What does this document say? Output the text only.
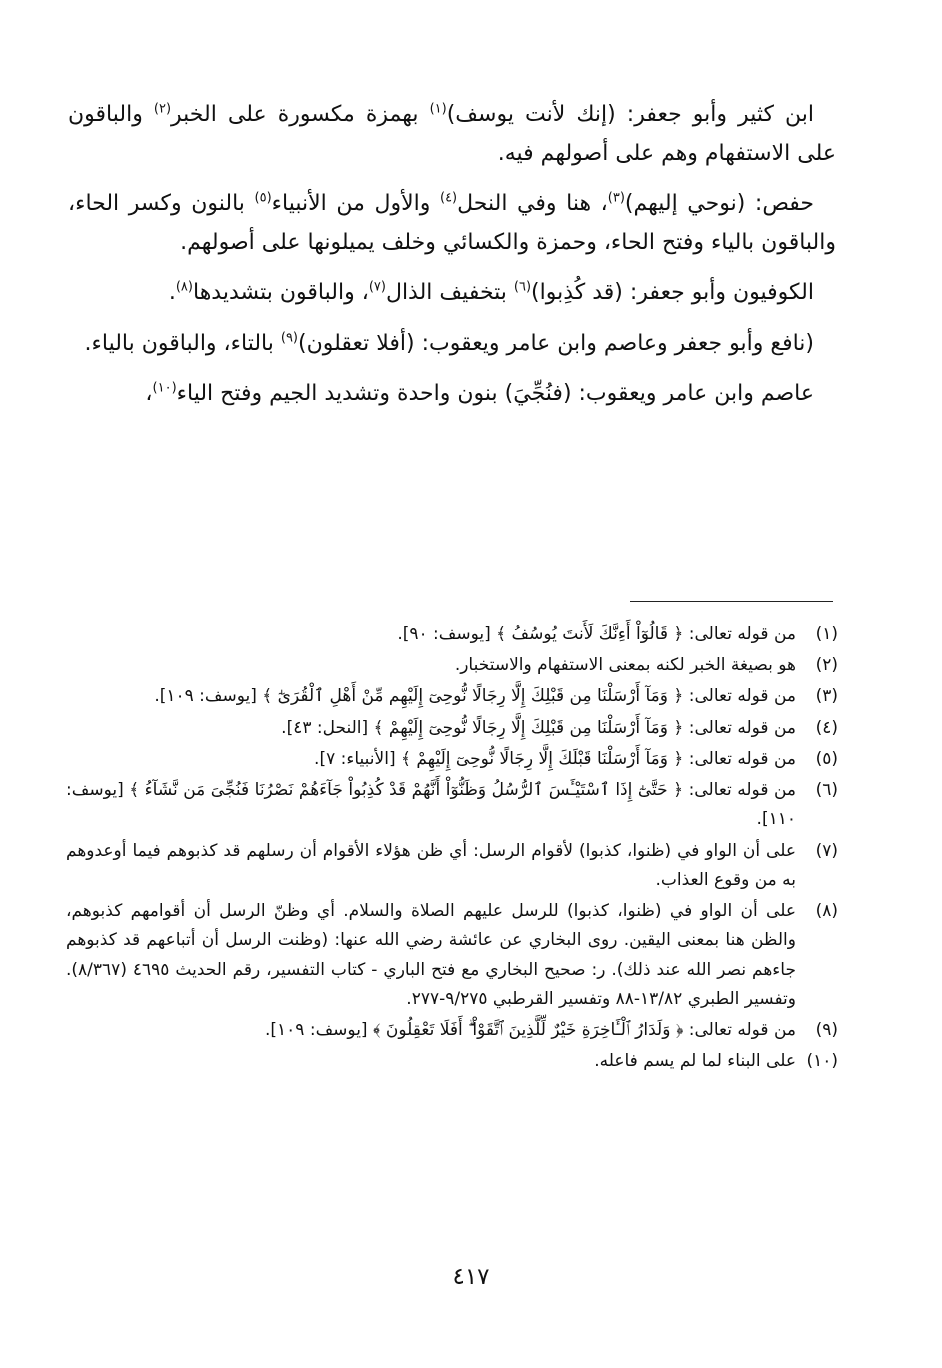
ابن كثير وأبو جعفر: (إنك لأنت يوسف)$^{(١)}$ بهمزة مكسورة على الخبر$^{(٢)}$ والباقون على الاستفهام وهم على أصولهم فيه.

حفص: (نوحي إليهم)$^{(٣)}$، هنا وفي النحل$^{(٤)}$ والأول من الأنبياء$^{(٥)}$ بالنون وكسر الحاء، والباقون بالياء وفتح الحاء، وحمزة والكسائي وخلف يميلونها على أصولهم.

الكوفيون وأبو جعفر: (قد كُذِبوا)$^{(٦)}$ بتخفيف الذال$^{(٧)}$، والباقون بتشديدها$^{(٨)}$.

(نافع وأبو جعفر وعاصم وابن عامر ويعقوب: (أفلا تعقلون)$^{(٩)}$ بالتاء، والباقون بالياء.

عاصم وابن عامر ويعقوب: (فنُجِّيَ) بنون واحدة وتشديد الجيم وفتح الياء$^{(١٠)}$،

(١)
من قوله تعالى: ﴿ قَالُوٓاْ أَءِنَّكَ لَأَنتَ يُوسُفُ ﴾ [يوسف: ٩٠].
(٢)
هو بصيغة الخبر لكنه بمعنى الاستفهام والاستخبار.
(٣)
من قوله تعالى: ﴿ وَمَآ أَرْسَلْنَا مِن قَبْلِكَ إِلَّا رِجَالًا نُّوحِىٓ إِلَيْهِم مِّنْ أَهْلِ ٱلْقُرَىٰٓ ﴾ [يوسف: ١٠٩].
(٤)
من قوله تعالى: ﴿ وَمَآ أَرْسَلْنَا مِن قَبْلِكَ إِلَّا رِجَالًا نُّوحِىٓ إِلَيْهِمْ ﴾ [النحل: ٤٣].
(٥)
من قوله تعالى: ﴿ وَمَآ أَرْسَلْنَا قَبْلَكَ إِلَّا رِجَالًا نُّوحِىٓ إِلَيْهِمْ ﴾ [الأنبياء: ٧].
(٦)
من قوله تعالى: ﴿ حَتَّىٰٓ إِذَا ٱسْتَيْـَٔسَ ٱلرُّسُلُ وَظَنُّوٓاْ أَنَّهُمْ قَدْ كُذِبُواْ جَآءَهُمْ نَصْرُنَا فَنُجِّىَ مَن نَّشَآءُ ﴾ [يوسف: ١١٠].
(٧)
على أن الواو في (ظنوا، كذبوا) لأقوام الرسل: أي ظن هؤلاء الأقوام أن رسلهم قد كذبوهم فيما أوعدوهم به من وقوع العذاب.
(٨)
على أن الواو في (ظنوا، كذبوا) للرسل عليهم الصلاة والسلام. أي وظنّ الرسل أن أقوامهم كذبوهم، والظن هنا بمعنى اليقين. روى البخاري عن عائشة رضي الله عنها: (وظنت الرسل أن أتباعهم قد كذبوهم جاءهم نصر الله عند ذلك). ر: صحيح البخاري مع فتح الباري - كتاب التفسير، رقم الحديث ٤٦٩٥ (٨/٣٦٧). وتفسير الطبري ١٣/٨٢-٨٨ وتفسير القرطبي ٩/٢٧٥-٢٧٧.
(٩)
من قوله تعالى: ﴿ وَلَدَارُ ٱلْـَٔاخِرَةِ خَيْرٌ لِّلَّذِينَ ٱتَّقَوْاْ ۗ أَفَلَا تَعْقِلُونَ ﴾ [يوسف: ١٠٩].
(١٠)
على البناء لما لم يسم فاعله.
٤١٧
